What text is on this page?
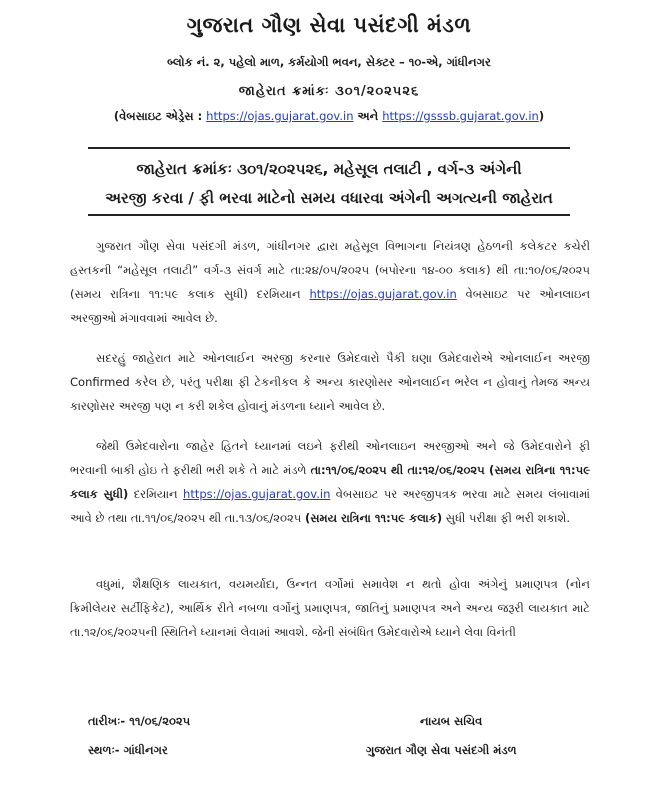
ગુજરાત ગૌણ સેવા પસંદગી મંડળ
બ્લોક નં. ૨, પહેલો માળ, કર્મયોગી ભવન, સેક્ટર – ૧૦-એ, ગાંધીનગર
જાહેરાત ક્રમાંકઃ ૩૦૧/૨૦૨૫૨૬
(વેબસાઇટ એડ્રેસ : https://ojas.gujarat.gov.in અને https://gsssb.gujarat.gov.in)
જાહેરાત ક્રમાંકઃ ૩૦૧/૨૦૨૫૨૬, મહેસૂલ તલાટી , વર્ગ-૩ અંગેની
અરજી કરવા / ફી ભરવા માટેનો સમય વધારવા અંગેની અગત્યની જાહેરાત
ગુજરાત ગૌણ સેવા પસંદગી મંડળ, ગાંધીનગર દ્વારા મહેસૂલ વિભાગના નિયંત્રણ હેઠળની કલેકટર કચેરી હસ્તકની “મહેસૂલ તલાટી” વર્ગ-૩ સંવર્ગ માટે તા:૨૪/૦૫/૨૦૨૫ (બપોરના ૧૪-૦૦ કલાક) થી તા:૧૦/૦૬/૨૦૨૫ (સમય રાત્રિના ૧૧:૫૯ કલાક સુધી) દરમિયાન https://ojas.gujarat.gov.in વેબસાઇટ પર ઓનલાઇન અરજીઓ મંગાવવામાં આવેલ છે.
સદરહું જાહેરાત માટે ઓનલાઈન અરજી કરનાર ઉમેદવારો પૈકી ઘણા ઉમેદવારોએ ઓનલાઈન અરજી Confirmed કરેલ છે, પરંતુ પરીક્ષા ફી ટેકનીકલ કે અન્ય કારણોસર ઓનલાઈન ભરેલ ન હોવાનું તેમજ અન્ય કારણોસર અરજી પણ ન કરી શકેલ હોવાનું મંડળના ધ્યાને આવેલ છે.
જેથી ઉમેદવારોના જાહેર હિતને ધ્યાનમાં લઇને ફરીથી ઓનલાઇન અરજીઓ અને જે ઉમેદવારોને ફી ભરવાની બાકી હોઇ તે ફરીથી ભરી શકે તે માટે મંડળે તા:૧૧/૦૬/૨૦૨૫ થી તા:૧૨/૦૬/૨૦૨૫ (સમય રાત્રિના ૧૧:૫૯ કલાક સુધી) દરમિયાન https://ojas.gujarat.gov.in વેબસાઇટ પર અરજીપત્રક ભરવા માટે સમય લંબાવામાં આવે છે તથા તા.૧૧/૦૬/૨૦૨૫ થી તા.૧૩/૦૬/૨૦૨૫ (સમય રાત્રિના ૧૧:૫૯ કલાક) સુધી પરીક્ષા ફી ભરી શકાશે.
વધુમાં, શૈક્ષણિક લાયકાત, વયમર્યાદા, ઉન્નત વર્ગોમાં સમાવેશ ન થતો હોવા અંગેનું પ્રમાણપત્ર (નોન ક્રિમીલેયર સર્ટીફિકેટ), આર્થિક રીતે નબળા વર્ગોનું પ્રમાણપત્ર, જાતિનું પ્રમાણપત્ર અને અન્ય જરૂરી લાયકાત માટે તા.૧૨/૦૬/૨૦૨૫ની સ્થિતિને ધ્યાનમાં લેવામાં આવશે. જેની સંબંધિત ઉમેદવારોએ ધ્યાને લેવા વિનંતી
તારીખઃ- ૧૧/૦૬/૨૦૨૫
સ્થળઃ- ગાંધીનગર
નાયબ સચિવ
ગુજરાત ગૌણ સેવા પસંદગી મંડળ
